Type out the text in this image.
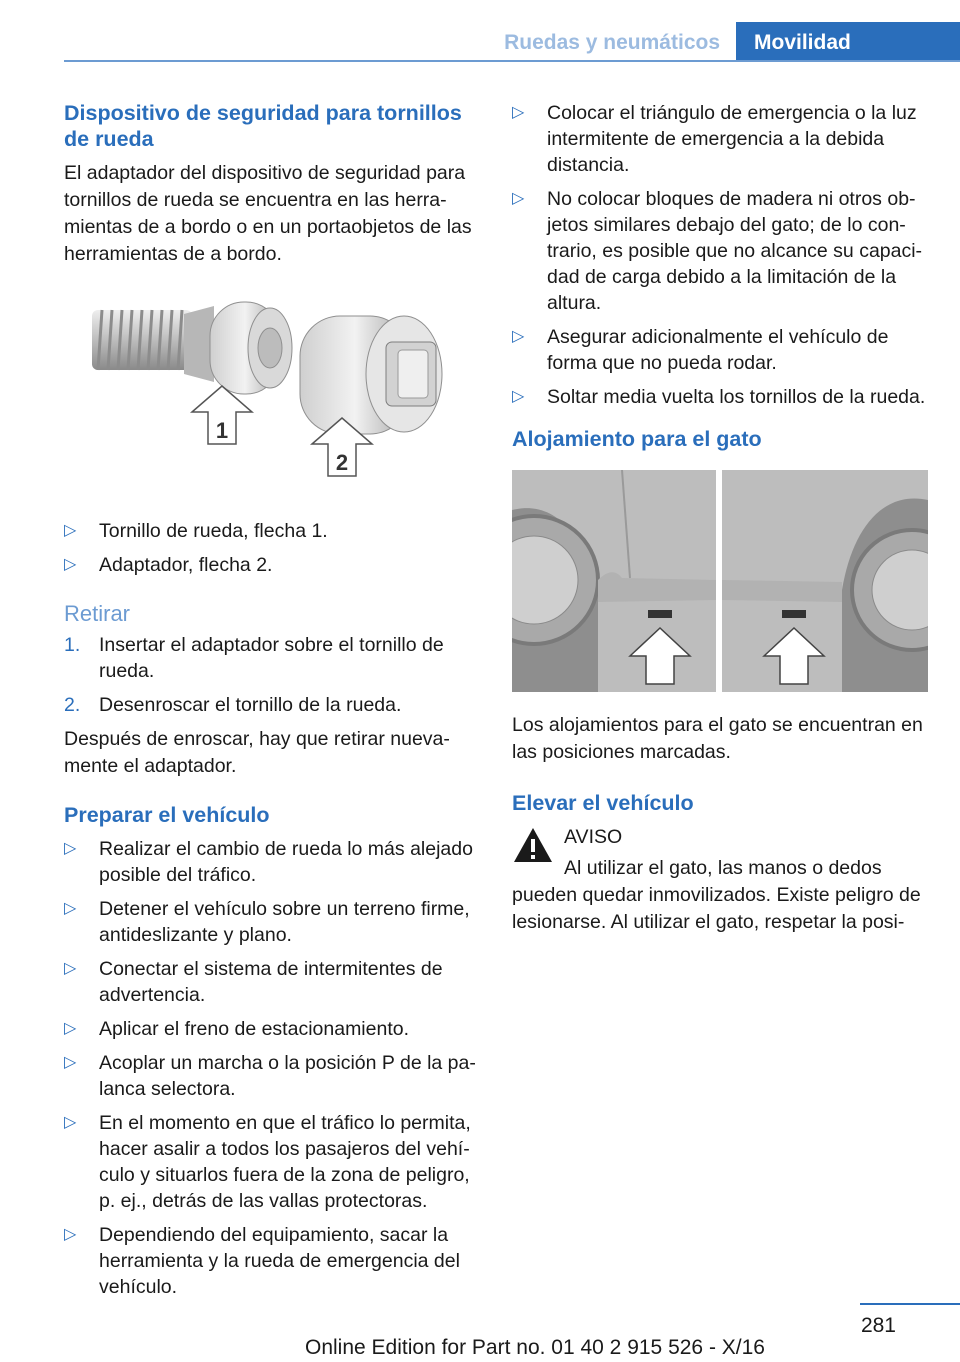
Ruedas y neumáticos	Movilidad
Dispositivo de seguridad para tornillos de rueda

El adaptador del dispositivo de seguridad para tornillos de rueda se encuentra en las herra- mientas de a bordo o en un portaobjetos de las herramientas de a bordo.

1
2
▷ Tornillo de rueda, flecha 1.
▷ Adaptador, flecha 2.
Retirar
1. Insertar el adaptador sobre el tornillo de rueda.
2. Desenroscar el tornillo de la rueda.

Después de enroscar, hay que retirar nueva- mente el adaptador.

Preparar el vehículo
▷ Realizar el cambio de rueda lo más alejado posible del tráfico.
▷ Detener el vehículo sobre un terreno firme, antideslizante y plano.
▷ Conectar el sistema de intermitentes de advertencia.
▷ Aplicar el freno de estacionamiento.
▷ Acoplar un marcha o la posición P de la pa- lanca selectora.
▷ En el momento en que el tráfico lo permita, hacer asalir a todos los pasajeros del vehí- culo y situarlos fuera de la zona de peligro, p. ej., detrás de las vallas protectoras.
▷ Dependiendo del equipamiento, sacar la herramienta y la rueda de emergencia del vehículo.
▷ Colocar el triángulo de emergencia o la luz intermitente de emergencia a la debida distancia.
▷ No colocar bloques de madera ni otros ob- jetos similares debajo del gato; de lo con- trario, es posible que no alcance su capaci- dad de carga debido a la limitación de la altura.
▷ Asegurar adicionalmente el vehículo de forma que no pueda rodar.
▷ Soltar media vuelta los tornillos de la rueda.
Alojamiento para el gato

Los alojamientos para el gato se encuentran en las posiciones marcadas.

Elevar el vehículo

AVISO

Al utilizar el gato, las manos o dedos pueden quedar inmovilizados. Existe peligro de lesionarse. Al utilizar el gato, respetar la posi-

281
Online Edition for Part no. 01 40 2 915 526 - X/16
